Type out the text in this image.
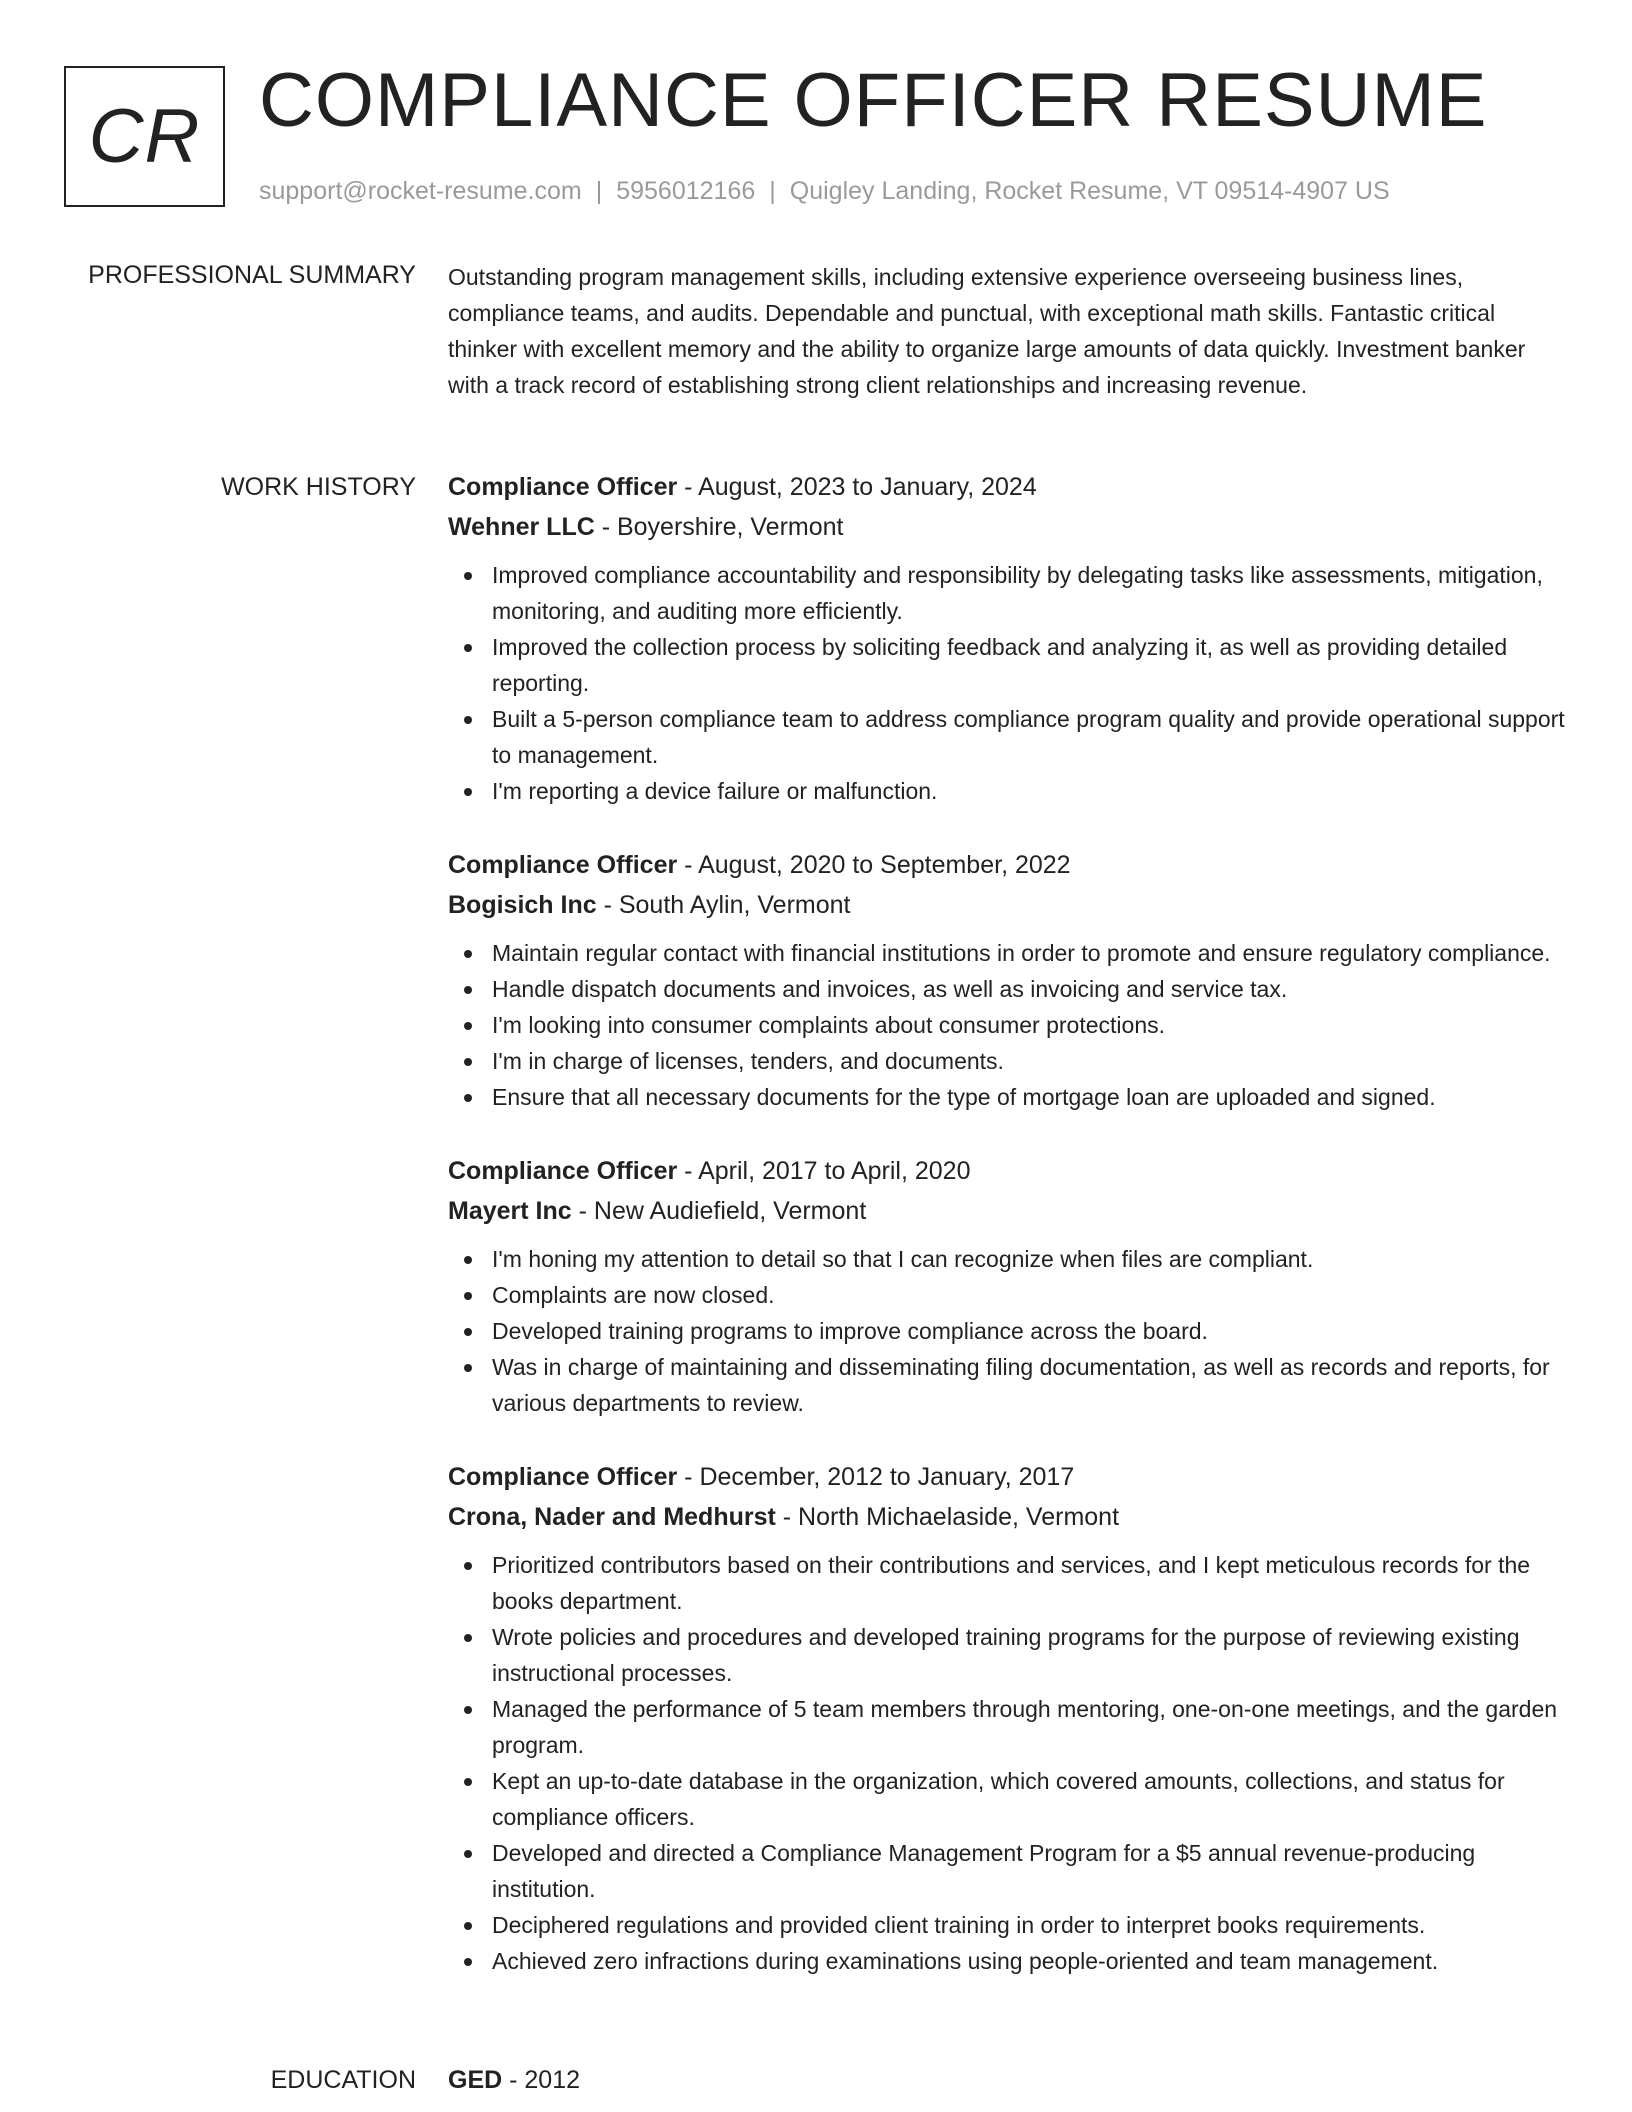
CR COMPLIANCE OFFICER RESUME
support@rocket-resume.com | 5956012166 | Quigley Landing, Rocket Resume, VT 09514-4907 US
PROFESSIONAL SUMMARY Outstanding program management skills, including extensive experience overseeing business lines, compliance teams, and audits. Dependable and punctual, with exceptional math skills. Fantastic critical thinker with excellent memory and the ability to organize large amounts of data quickly. Investment banker with a track record of establishing strong client relationships and increasing revenue.

WORK HISTORY Compliance Officer - August, 2023 to January, 2024
Wehner LLC - Boyershire, Vermont
Improved compliance accountability and responsibility by delegating tasks like assessments, mitigation, monitoring, and auditing more efficiently.
Improved the collection process by soliciting feedback and analyzing it, as well as providing detailed reporting.
Built a 5-person compliance team to address compliance program quality and provide operational support to management.
I'm reporting a device failure or malfunction.
Compliance Officer - August, 2020 to September, 2022
Bogisich Inc - South Aylin, Vermont
Maintain regular contact with financial institutions in order to promote and ensure regulatory compliance.
Handle dispatch documents and invoices, as well as invoicing and service tax.
I'm looking into consumer complaints about consumer protections.
I'm in charge of licenses, tenders, and documents.
Ensure that all necessary documents for the type of mortgage loan are uploaded and signed.
Compliance Officer - April, 2017 to April, 2020
Mayert Inc - New Audiefield, Vermont
I'm honing my attention to detail so that I can recognize when files are compliant.
Complaints are now closed.
Developed training programs to improve compliance across the board.
Was in charge of maintaining and disseminating filing documentation, as well as records and reports, for various departments to review.
Compliance Officer - December, 2012 to January, 2017
Crona, Nader and Medhurst - North Michaelaside, Vermont
Prioritized contributors based on their contributions and services, and I kept meticulous records for the books department.
Wrote policies and procedures and developed training programs for the purpose of reviewing existing instructional processes.
Managed the performance of 5 team members through mentoring, one-on-one meetings, and the garden program.
Kept an up-to-date database in the organization, which covered amounts, collections, and status for compliance officers.
Developed and directed a Compliance Management Program for a $5 annual revenue-producing institution.
Deciphered regulations and provided client training in order to interpret books requirements.
Achieved zero infractions during examinations using people-oriented and team management.
EDUCATION GED - 2012
